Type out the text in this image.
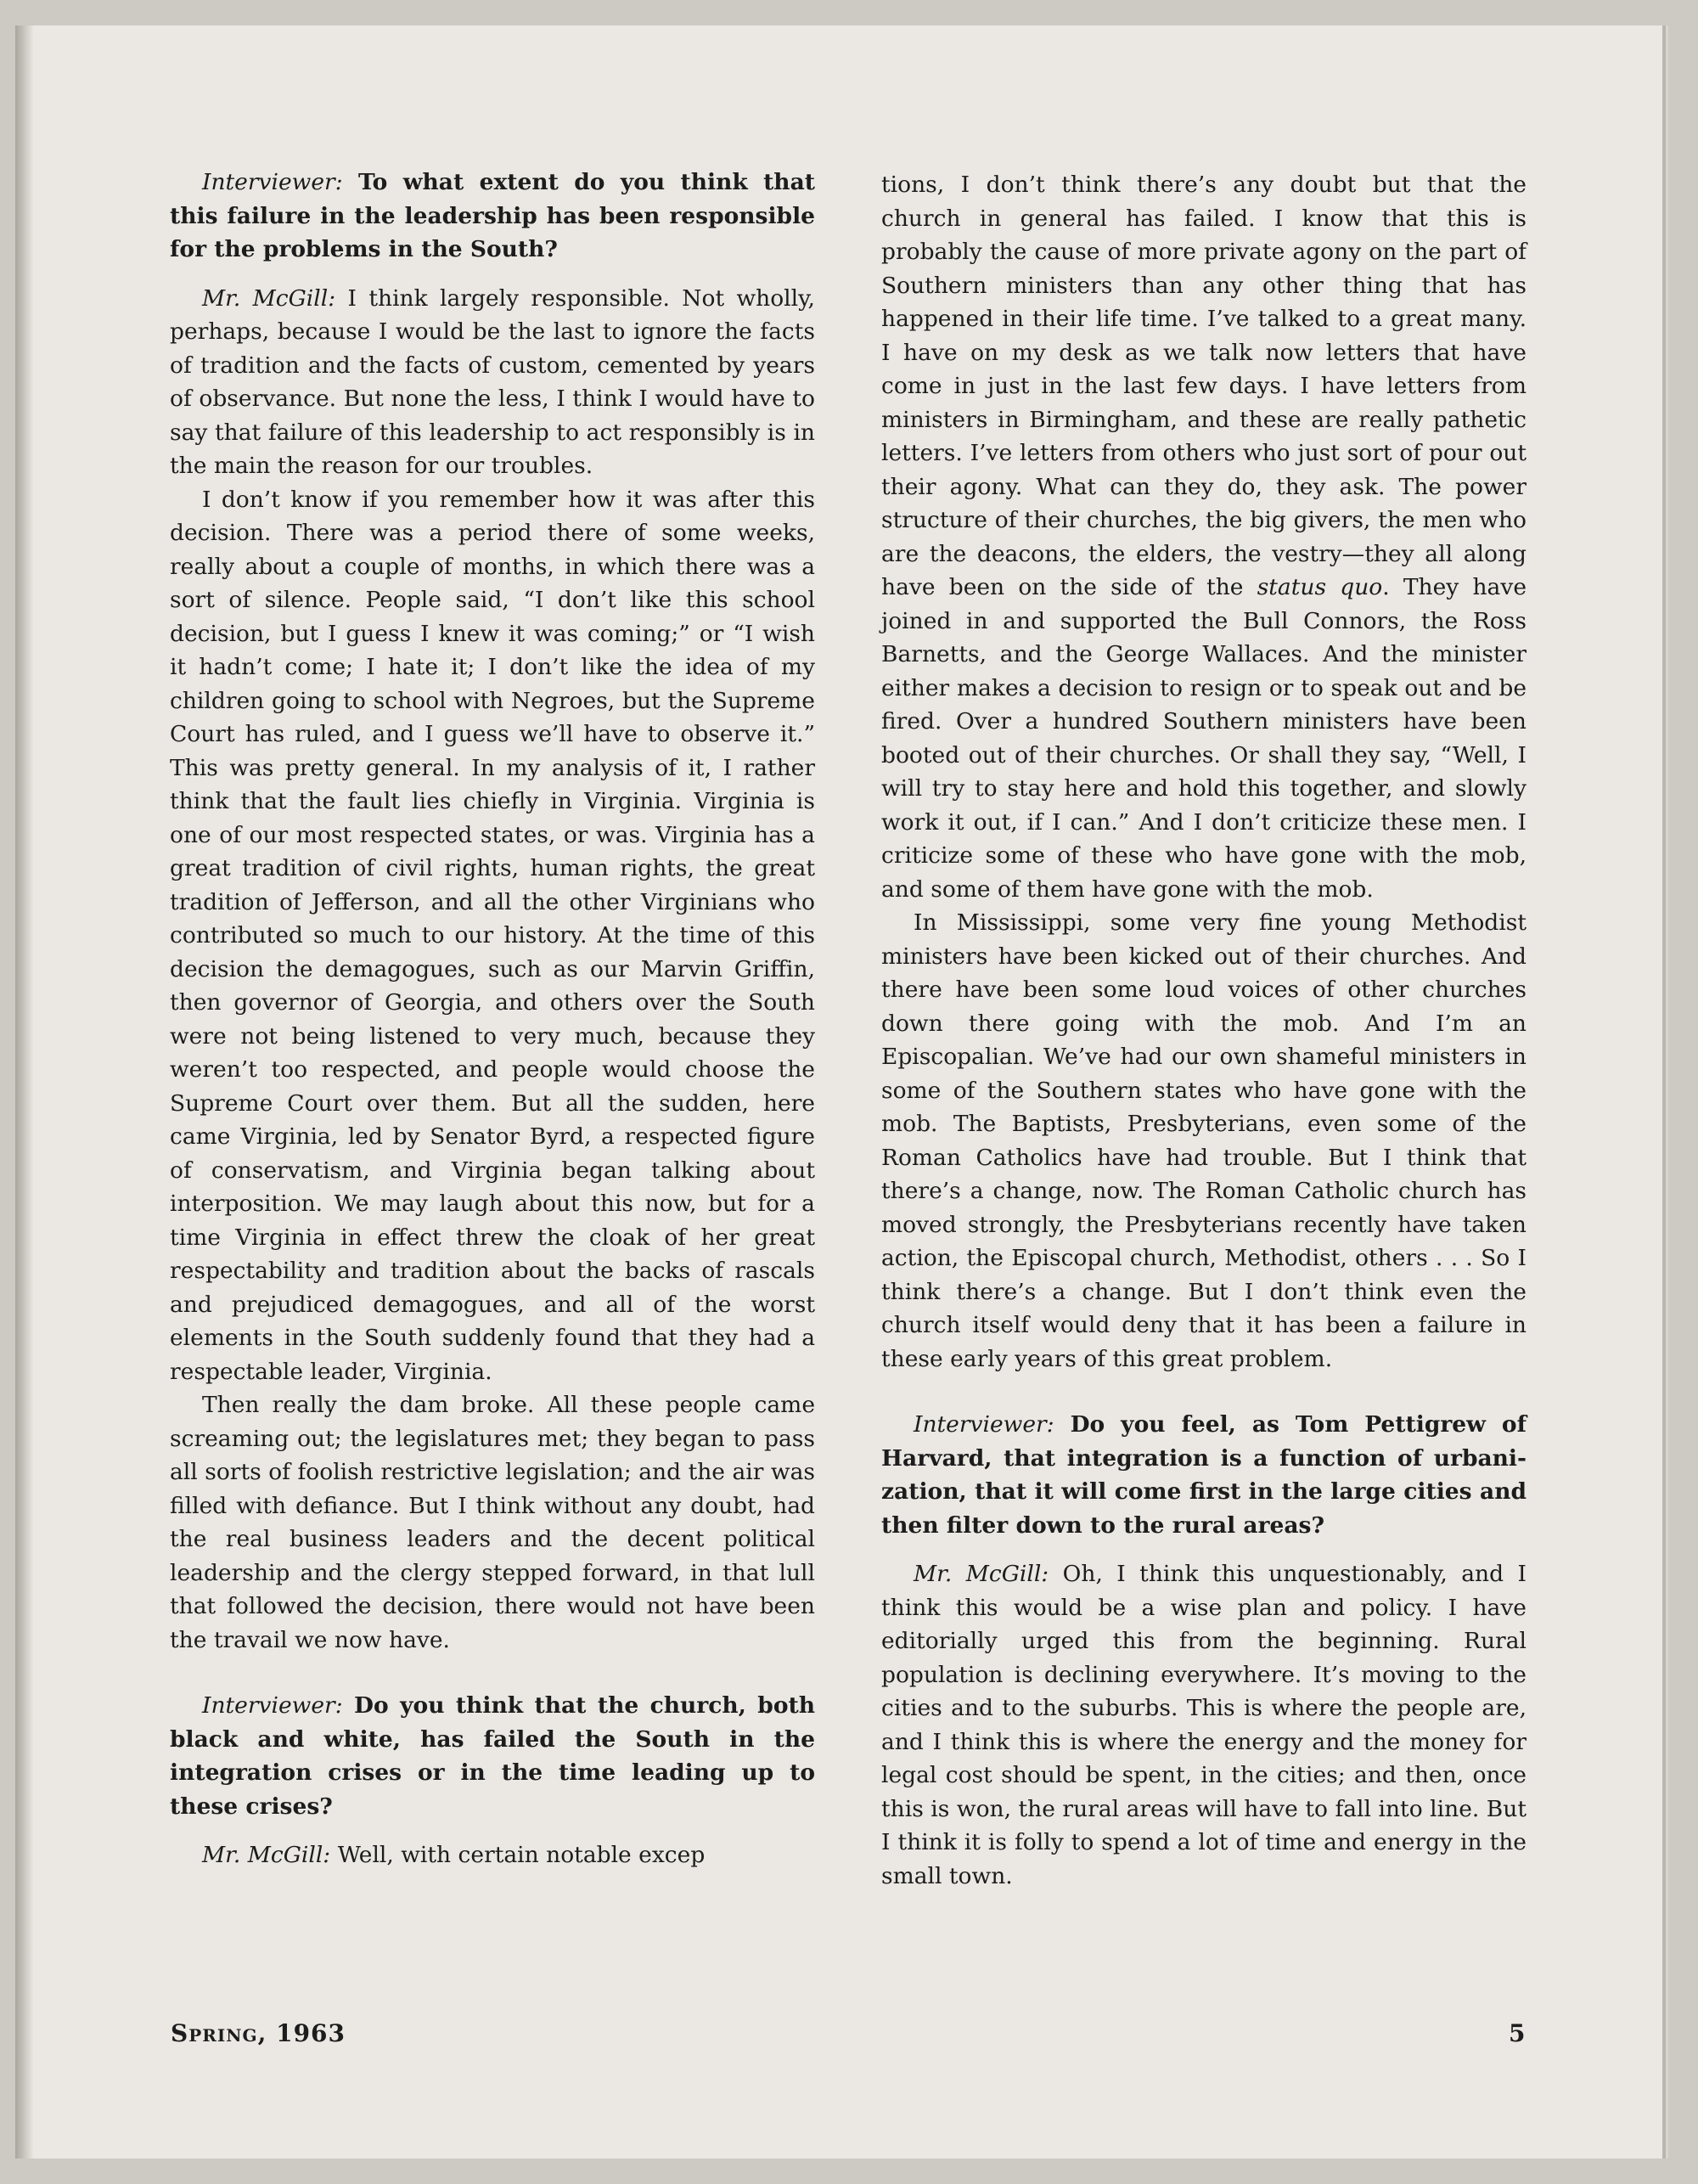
Interviewer: To what extent do you think that this failure in the leadership has been responsible for the problems in the South?

Mr. McGill: I think largely responsible. Not wholly, perhaps, because I would be the last to ignore the facts of tradition and the facts of custom, cemented by years of observance. But none the less, I think I would have to say that failure of this leadership to act responsibly is in the main the reason for our troubles.

I don’t know if you remember how it was after this decision. There was a period there of some weeks, really about a couple of months, in which there was a sort of silence. People said, “I don’t like this school decision, but I guess I knew it was coming;” or “I wish it hadn’t come; I hate it; I don’t like the idea of my children going to school with Negroes, but the Supreme Court has ruled, and I guess we’ll have to observe it.” This was pretty general. In my analysis of it, I rather think that the fault lies chiefly in Virginia. Virginia is one of our most respected states, or was. Virginia has a great tradition of civil rights, human rights, the great tradition of Jefferson, and all the other Virginians who contributed so much to our history. At the time of this decision the demagogues, such as our Marvin Griffin, then governor of Georgia, and others over the South were not being listened to very much, because they weren’t too respected, and people would choose the Supreme Court over them. But all the sudden, here came Virginia, led by Senator Byrd, a respected figure of conservatism, and Virginia began talking about interposition. We may laugh about this now, but for a time Virginia in effect threw the cloak of her great respectability and tradition about the backs of rascals and prejudiced demagogues, and all of the worst elements in the South suddenly found that they had a respectable leader, Virginia.

Then really the dam broke. All these people came screaming out; the legislatures met; they began to pass all sorts of foolish restrictive legislation; and the air was filled with defiance. But I think without any doubt, had the real business leaders and the decent political leadership and the clergy stepped forward, in that lull that followed the decision, there would not have been the travail we now have.

Interviewer: Do you think that the church, both black and white, has failed the South in the integration crises or in the time leading up to these crises?

Mr. McGill: Well, with certain notable excep

tions, I don’t think there’s any doubt but that the church in general has failed. I know that this is probably the cause of more private agony on the part of Southern ministers than any other thing that has happened in their life time. I’ve talked to a great many. I have on my desk as we talk now letters that have come in just in the last few days. I have letters from ministers in Birmingham, and these are really pathetic letters. I’ve letters from others who just sort of pour out their agony. What can they do, they ask. The power structure of their churches, the big givers, the men who are the deacons, the elders, the vestry—they all along have been on the side of the status quo. They have joined in and supported the Bull Connors, the Ross Barnetts, and the George Wallaces. And the minister either makes a decision to resign or to speak out and be fired. Over a hundred Southern ministers have been booted out of their churches. Or shall they say, “Well, I will try to stay here and hold this together, and slowly work it out, if I can.” And I don’t criticize these men. I criticize some of these who have gone with the mob, and some of them have gone with the mob.

In Mississippi, some very fine young Methodist ministers have been kicked out of their churches. And there have been some loud voices of other churches down there going with the mob. And I’m an Episcopalian. We’ve had our own shameful ministers in some of the Southern states who have gone with the mob. The Baptists, Presbyterians, even some of the Roman Catholics have had trouble. But I think that there’s a change, now. The Roman Catholic church has moved strongly, the Presbyterians recently have taken action, the Episcopal church, Methodist, others . . . So I think there’s a change. But I don’t think even the church itself would deny that it has been a failure in these early years of this great problem.

Interviewer: Do you feel, as Tom Pettigrew of Harvard, that integration is a function of urbanization, that it will come first in the large cities and then filter down to the rural areas?

Mr. McGill: Oh, I think this unquestionably, and I think this would be a wise plan and policy. I have editorially urged this from the beginning. Rural population is declining everywhere. It’s moving to the cities and to the suburbs. This is where the people are, and I think this is where the energy and the money for legal cost should be spent, in the cities; and then, once this is won, the rural areas will have to fall into line. But I think it is folly to spend a lot of time and energy in the small town.

Spring, 1963	5
